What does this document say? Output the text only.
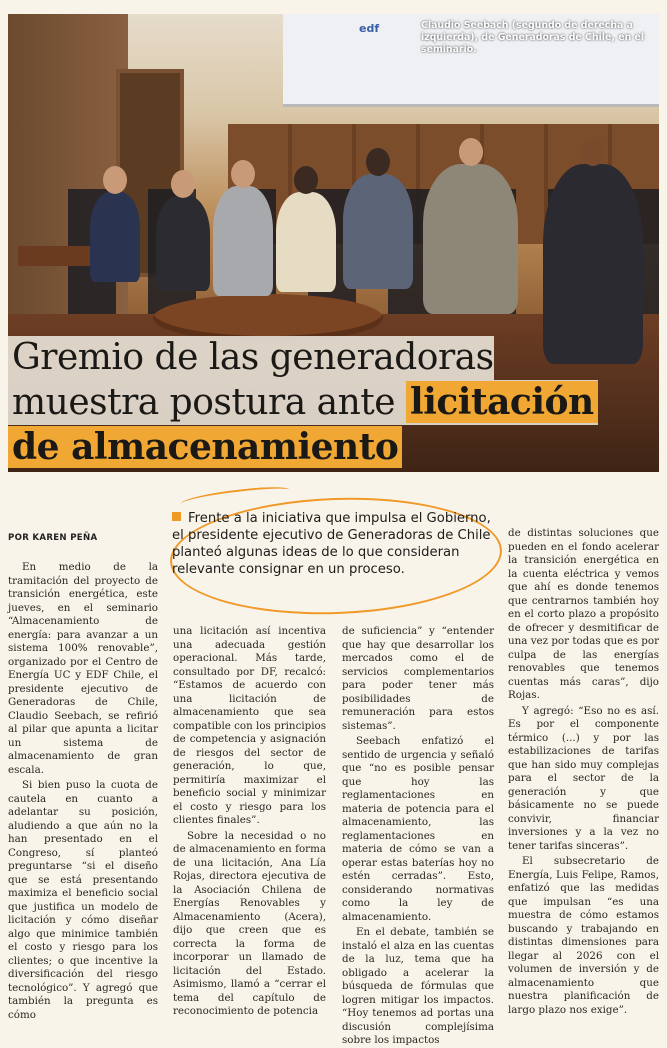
edf	Claudio Seebach (segundo de derecha a izquierda), de Generadoras de Chile, en el seminario.
Gremio de las generadoras
muestra postura ante licitación
de almacenamiento
POR KAREN PEÑA
Frente a la iniciativa que impulsa el Gobierno, el presidente ejecutivo de Generadoras de Chile planteó algunas ideas de lo que consideran relevante consignar en un proceso.

En medio de la tramitación del proyecto de transición energética, este jueves, en el seminario “Almacenamiento de energía: para avanzar a un sistema 100% renovable”, organizado por el Centro de Energía UC y EDF Chile, el presidente ejecutivo de Generadoras de Chile, Claudio Seebach, se refirió al pilar que apunta a licitar un sistema de almacenamiento de gran escala.

Si bien puso la cuota de cautela en cuanto a adelantar su posición, aludiendo a que aún no la han presentado en el Congreso, sí planteó preguntarse “si el diseño que se está presentando maximiza el beneficio social que justifica un modelo de licitación y cómo diseñar algo que minimice también el costo y riesgo para los clientes; o que incentive la diversificación del riesgo tecnológico”. Y agregó que también la pregunta es cómo

una licitación así incentiva una adecuada gestión operacional. Más tarde, consultado por DF, recalcó: “Estamos de acuerdo con una licitación de almacenamiento que sea compatible con los principios de competencia y asignación de riesgos del sector de generación, lo que, permitiría maximizar el beneficio social y minimizar el costo y riesgo para los clientes finales”.

Sobre la necesidad o no de almacenamiento en forma de una licitación, Ana Lía Rojas, directora ejecutiva de la Asociación Chilena de Energías Renovables y Almacenamiento (Acera), dijo que creen que es correcta la forma de incorporar un llamado de licitación del Estado. Asimismo, llamó a “cerrar el tema del capítulo de reconocimiento de potencia

de suficiencia” y “entender que hay que desarrollar los mercados como el de servicios complementarios para poder tener más posibilidades de remuneración para estos sistemas”.

Seebach enfatizó el sentido de urgencia y señaló que “no es posible pensar que hoy las reglamentaciones en materia de potencia para el almacenamiento, las reglamentaciones en materia de cómo se van a operar estas baterías hoy no estén cerradas”. Esto, considerando normativas como la ley de almacenamiento.

En el debate, también se instaló el alza en las cuentas de la luz, tema que ha obligado a acelerar la búsqueda de fórmulas que logren mitigar los impactos. “Hoy tenemos ad portas una discusión complejísima sobre los impactos

de distintas soluciones que pueden en el fondo acelerar la transición energética en la cuenta eléctrica y vemos que ahí es donde tenemos que centrarnos también hoy en el corto plazo a propósito de ofrecer y desmitificar de una vez por todas que es por culpa de las energías renovables que tenemos cuentas más caras”, dijo Rojas.

Y agregó: “Eso no es así. Es por el componente térmico (...) y por las estabilizaciones de tarifas que han sido muy complejas para el sector de la generación y que básicamente no se puede convivir, financiar inversiones y a la vez no tener tarifas sinceras”.

El subsecretario de Energía, Luis Felipe, Ramos, enfatizó que las medidas que impulsan “es una muestra de cómo estamos buscando y trabajando en distintas dimensiones para llegar al 2026 con el volumen de inversión y de almacenamiento que nuestra planificación de largo plazo nos exige”.
